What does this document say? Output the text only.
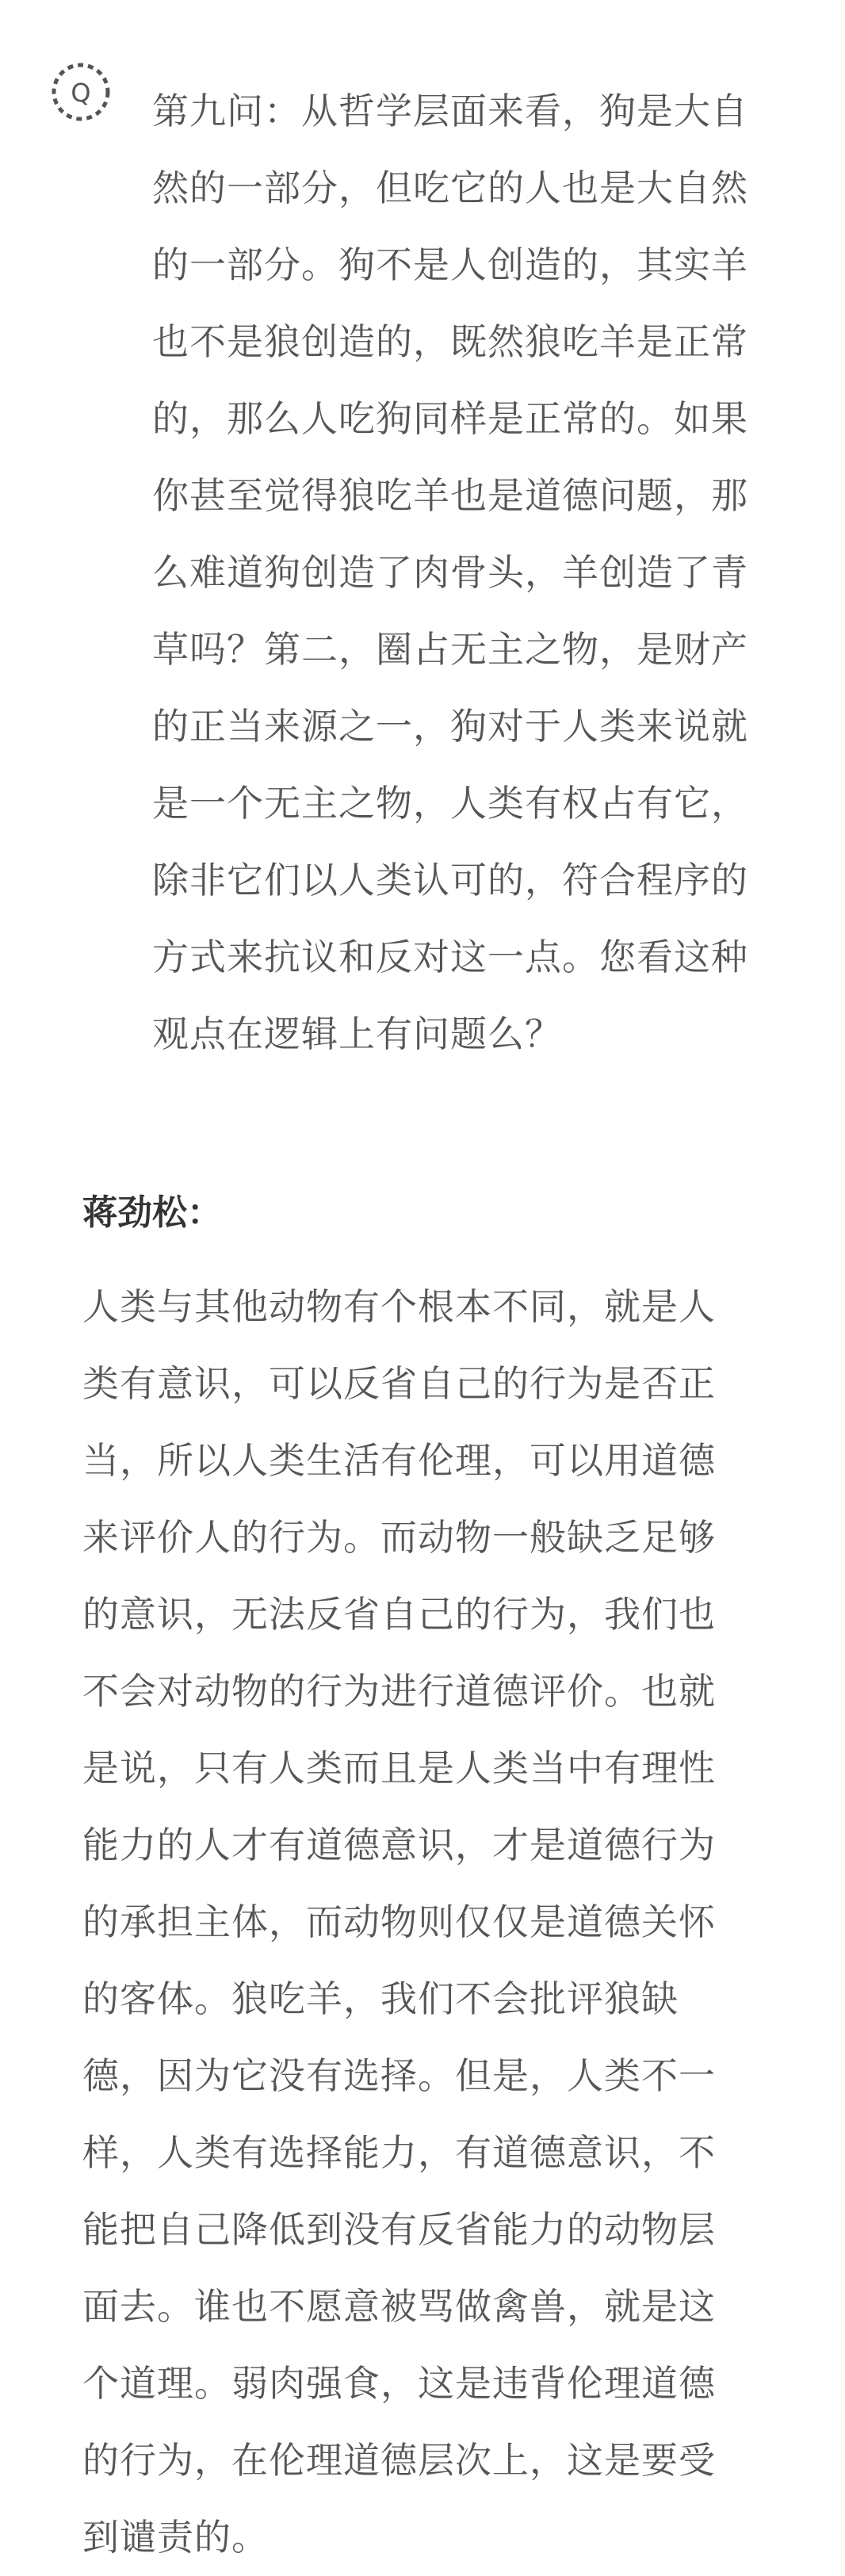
Q 第九问：从哲学层面来看，狗是大自
然的一部分，但吃它的人也是大自然
的一部分。狗不是人创造的，其实羊
也不是狼创造的，既然狼吃羊是正常
的，那么人吃狗同样是正常的。如果
你甚至觉得狼吃羊也是道德问题，那
么难道狗创造了肉骨头，羊创造了青
草吗？第二，圈占无主之物，是财产
的正当来源之一，狗对于人类来说就
是一个无主之物，人类有权占有它，
除非它们以人类认可的，符合程序的
方式来抗议和反对这一点。您看这种
观点在逻辑上有问题么？
蒋劲松：
人类与其他动物有个根本不同，就是人
类有意识，可以反省自己的行为是否正
当，所以人类生活有伦理，可以用道德
来评价人的行为。而动物一般缺乏足够
的意识，无法反省自己的行为，我们也
不会对动物的行为进行道德评价。也就
是说，只有人类而且是人类当中有理性
能力的人才有道德意识，才是道德行为
的承担主体，而动物则仅仅是道德关怀
的客体。狼吃羊，我们不会批评狼缺
德，因为它没有选择。但是，人类不一
样，人类有选择能力，有道德意识，不
能把自己降低到没有反省能力的动物层
面去。谁也不愿意被骂做禽兽，就是这
个道理。弱肉强食，这是违背伦理道德
的行为，在伦理道德层次上，这是要受
到谴责的。
